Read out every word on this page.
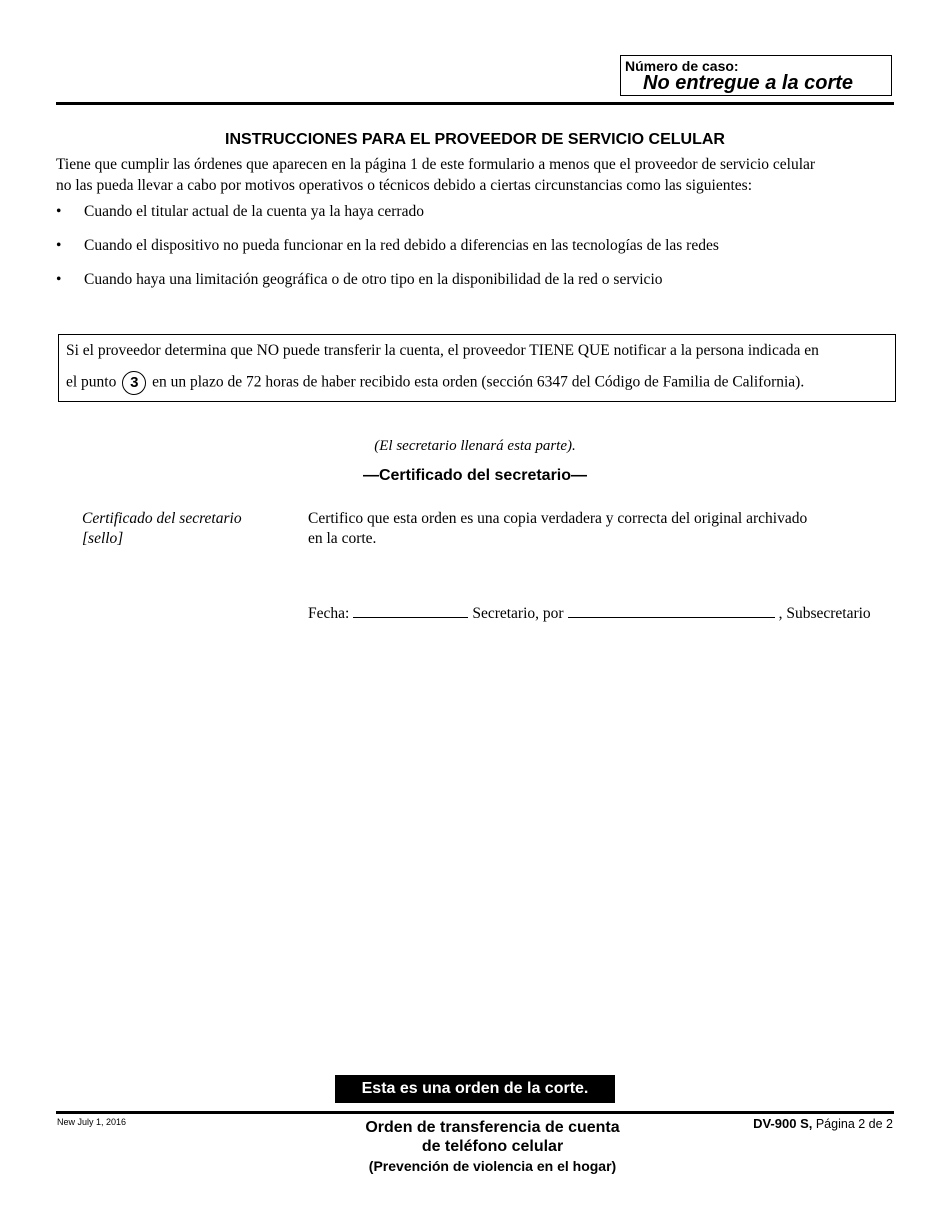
Número de caso:
No entregue a la corte
INSTRUCCIONES PARA EL PROVEEDOR DE SERVICIO CELULAR
Tiene que cumplir las órdenes que aparecen en la página 1 de este formulario a menos que el proveedor de servicio celular
no las pueda llevar a cabo por motivos operativos o técnicos debido a ciertas circunstancias como las siguientes:
• Cuando el titular actual de la cuenta ya la haya cerrado
• Cuando el dispositivo no pueda funcionar en la red debido a diferencias en las tecnologías de las redes
• Cuando haya una limitación geográfica o de otro tipo en la disponibilidad de la red o servicio
Si el proveedor determina que NO puede transferir la cuenta, el proveedor TIENE QUE notificar a la persona indicada en
el punto 3 en un plazo de 72 horas de haber recibido esta orden (sección 6347 del Código de Familia de California).
(El secretario llenará esta parte).
—Certificado del secretario—
Certificado del secretario
[sello]
Certifico que esta orden es una copia verdadera y correcta del original archivado
en la corte.
Fecha:	Secretario, por	, Subsecretario
Esta es una orden de la corte.
New July 1, 2016	Orden de transferencia de cuenta
de teléfono celular
(Prevención de violencia en el hogar)
DV-900 S, Página 2 de 2
